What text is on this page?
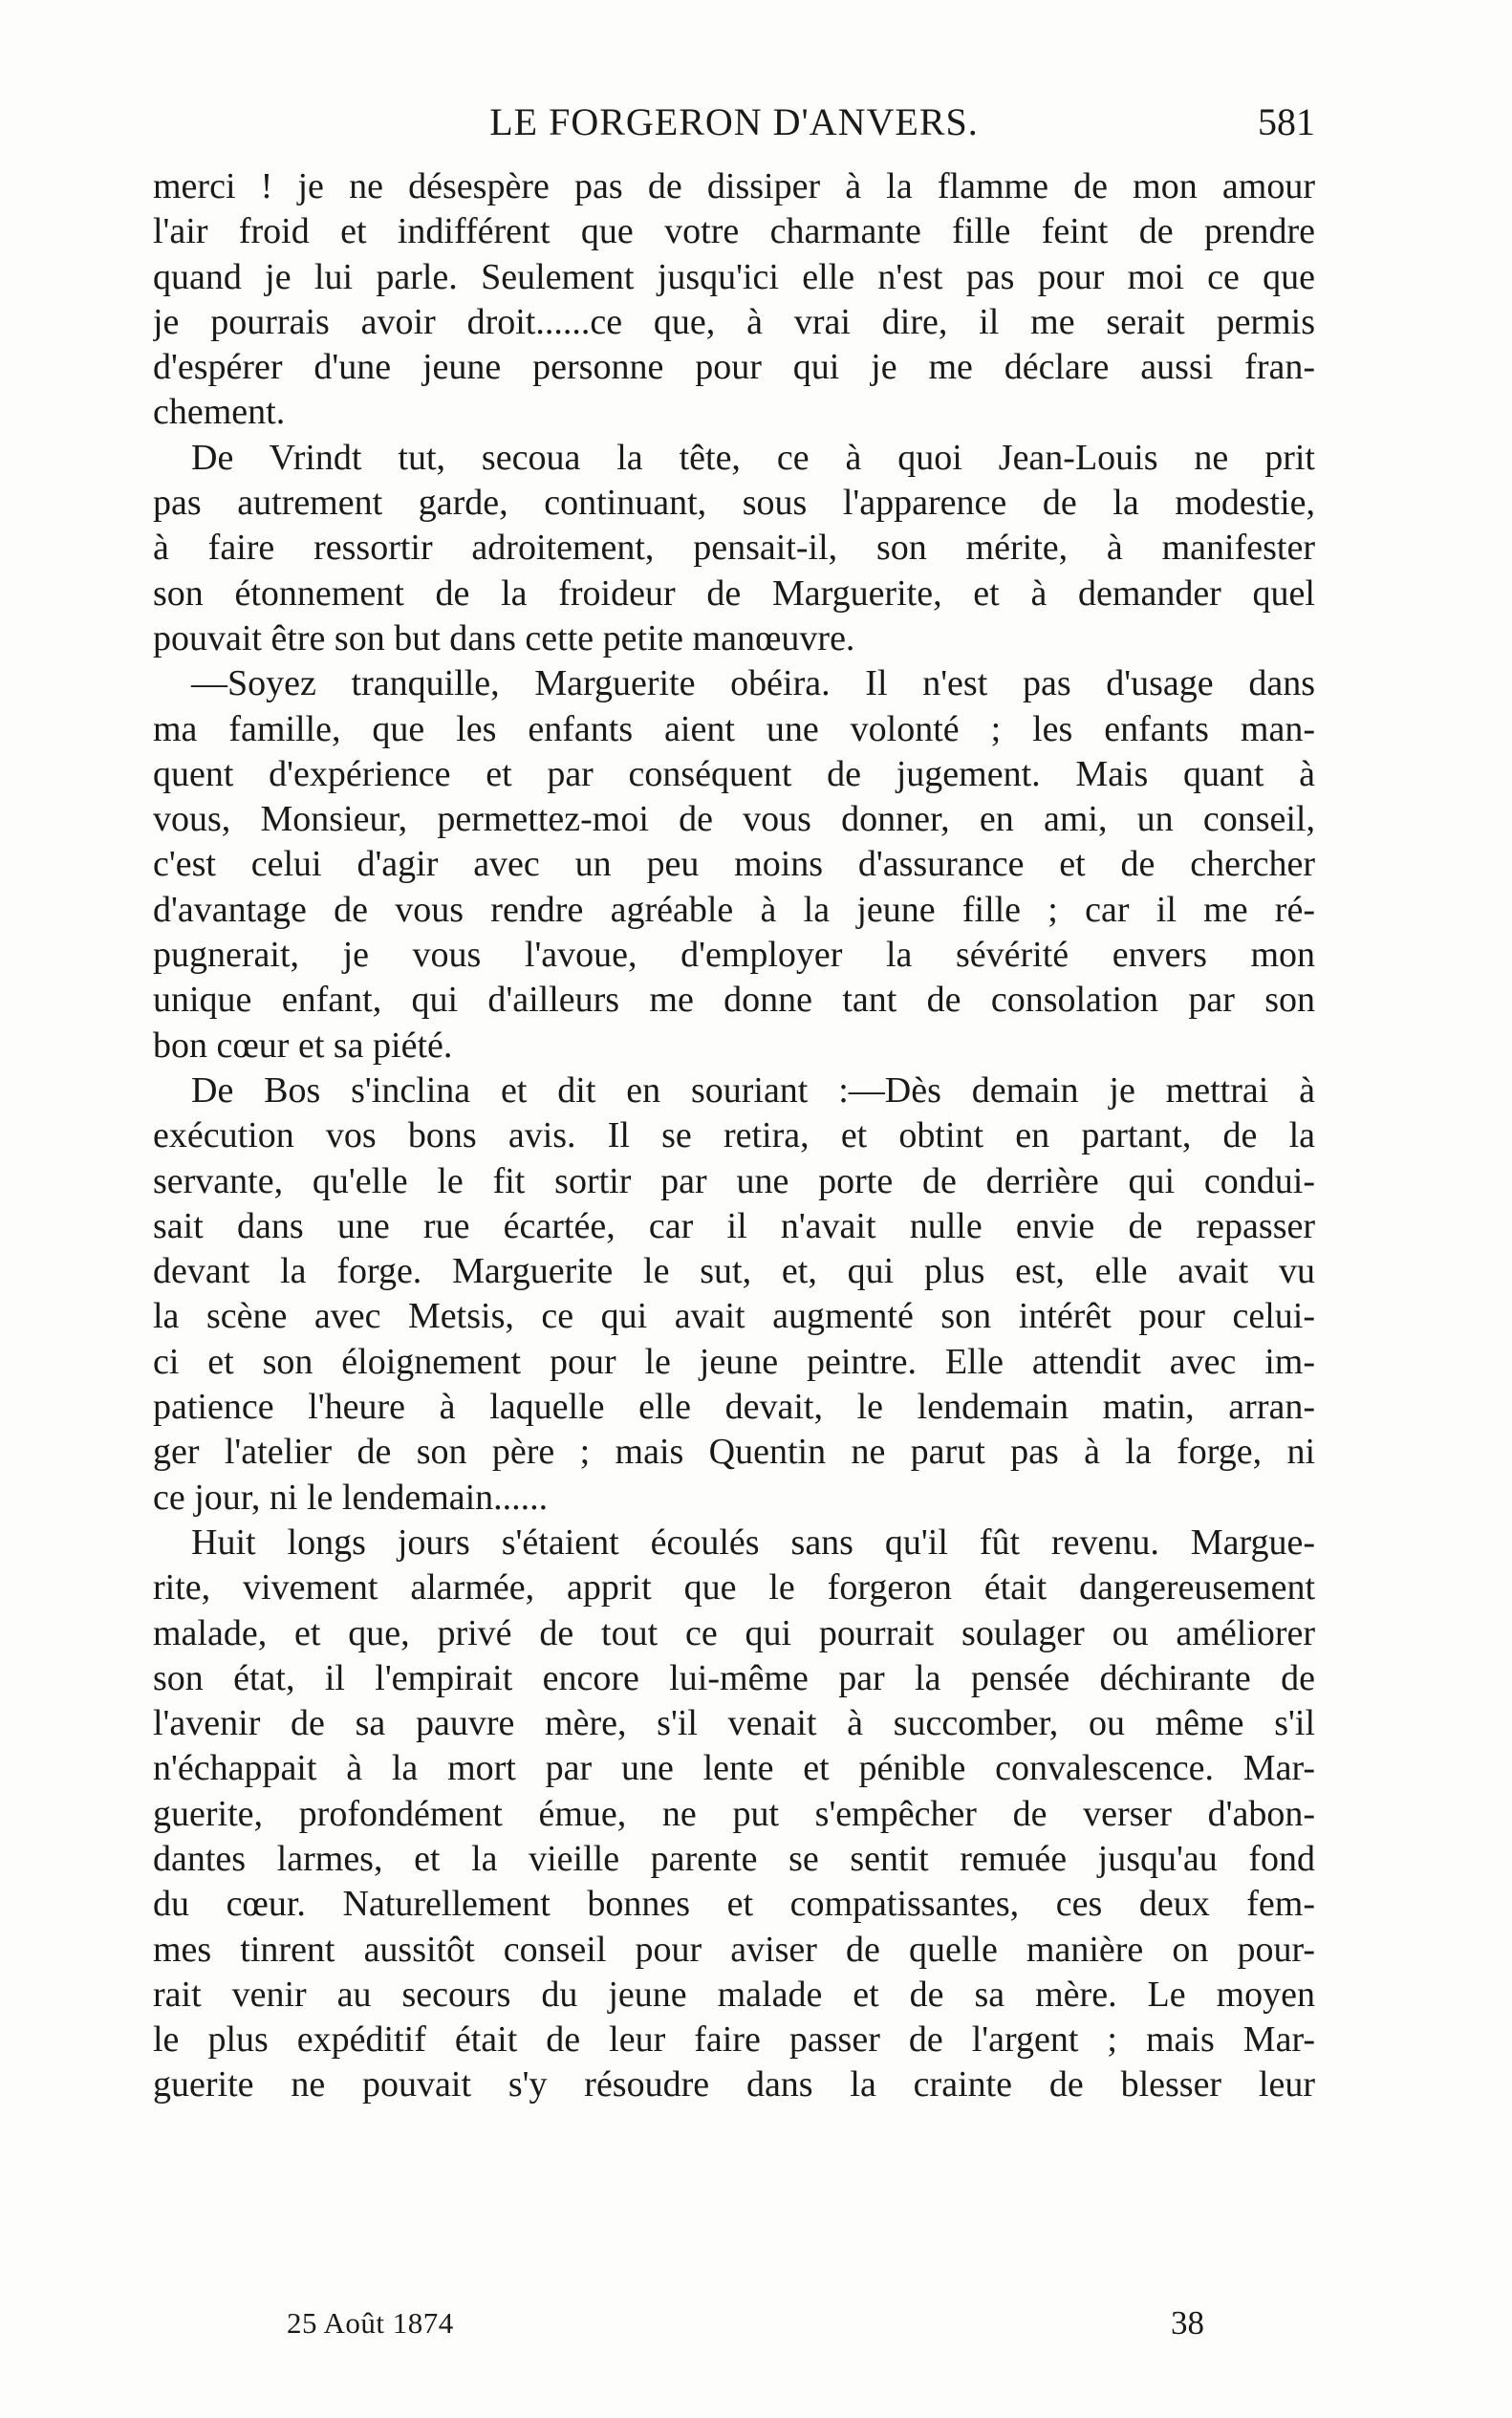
LE FORGERON D'ANVERS.	581
merci ! je ne désespère pas de dissiper à la flamme de mon amour
l'air froid et indifférent que votre charmante fille feint de prendre
quand je lui parle. Seulement jusqu'ici elle n'est pas pour moi ce que
je pourrais avoir droit......ce que, à vrai dire, il me serait permis
d'espérer d'une jeune personne pour qui je me déclare aussi fran-
chement.
De Vrindt tut, secoua la tête, ce à quoi Jean-Louis ne prit
pas autrement garde, continuant, sous l'apparence de la modestie,
à faire ressortir adroitement, pensait-il, son mérite, à manifester
son étonnement de la froideur de Marguerite, et à demander quel
pouvait être son but dans cette petite manœuvre.
—Soyez tranquille, Marguerite obéira. Il n'est pas d'usage dans
ma famille, que les enfants aient une volonté ; les enfants man-
quent d'expérience et par conséquent de jugement. Mais quant à
vous, Monsieur, permettez-moi de vous donner, en ami, un conseil,
c'est celui d'agir avec un peu moins d'assurance et de chercher
d'avantage de vous rendre agréable à la jeune fille ; car il me ré-
pugnerait, je vous l'avoue, d'employer la sévérité envers mon
unique enfant, qui d'ailleurs me donne tant de consolation par son
bon cœur et sa piété.
De Bos s'inclina et dit en souriant :—Dès demain je mettrai à
exécution vos bons avis. Il se retira, et obtint en partant, de la
servante, qu'elle le fit sortir par une porte de derrière qui condui-
sait dans une rue écartée, car il n'avait nulle envie de repasser
devant la forge. Marguerite le sut, et, qui plus est, elle avait vu
la scène avec Metsis, ce qui avait augmenté son intérêt pour celui-
ci et son éloignement pour le jeune peintre. Elle attendit avec im-
patience l'heure à laquelle elle devait, le lendemain matin, arran-
ger l'atelier de son père ; mais Quentin ne parut pas à la forge, ni
ce jour, ni le lendemain......
Huit longs jours s'étaient écoulés sans qu'il fût revenu. Margue-
rite, vivement alarmée, apprit que le forgeron était dangereusement
malade, et que, privé de tout ce qui pourrait soulager ou améliorer
son état, il l'empirait encore lui-même par la pensée déchirante de
l'avenir de sa pauvre mère, s'il venait à succomber, ou même s'il
n'échappait à la mort par une lente et pénible convalescence. Mar-
guerite, profondément émue, ne put s'empêcher de verser d'abon-
dantes larmes, et la vieille parente se sentit remuée jusqu'au fond
du cœur. Naturellement bonnes et compatissantes, ces deux fem-
mes tinrent aussitôt conseil pour aviser de quelle manière on pour-
rait venir au secours du jeune malade et de sa mère. Le moyen
le plus expéditif était de leur faire passer de l'argent ; mais Mar-
guerite ne pouvait s'y résoudre dans la crainte de blesser leur
25 Août 1874	38
